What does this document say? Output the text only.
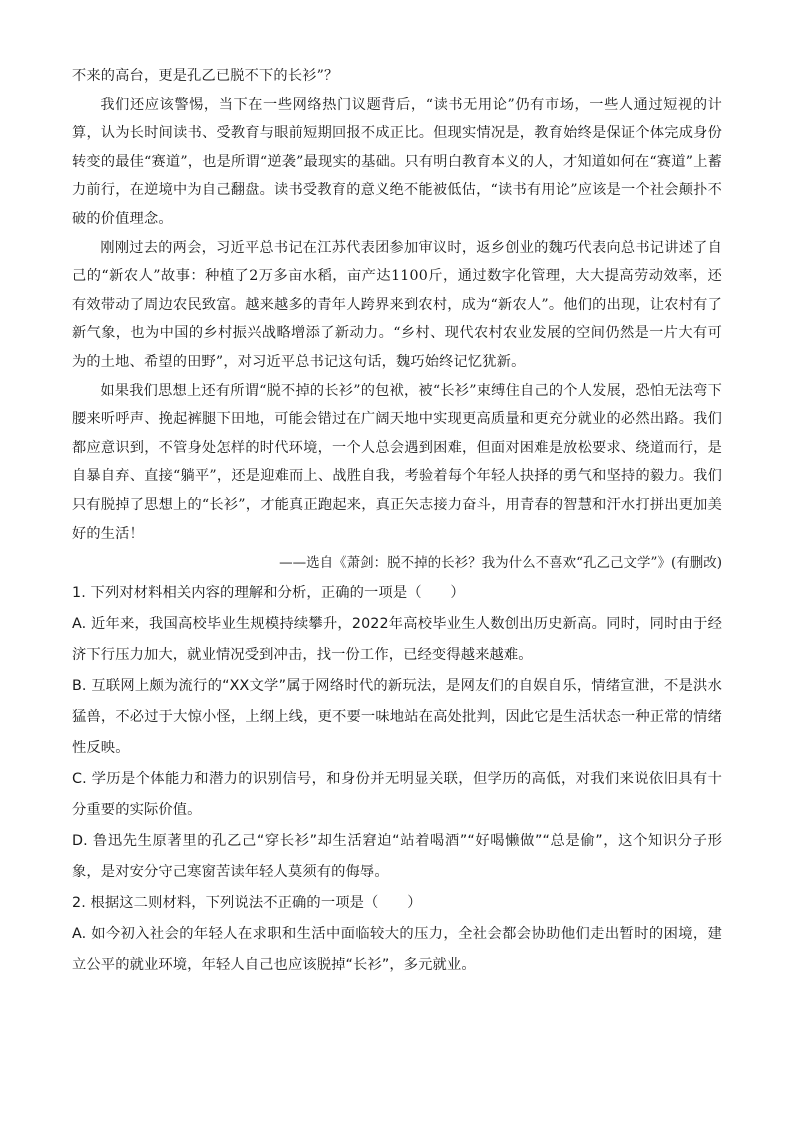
不来的高台，更是孔乙已脱不下的长衫”？

我们还应该警惕，当下在一些网络热门议题背后，“读书无用论”仍有市场，一些人通过短视的计算，认为长时间读书、受教育与眼前短期回报不成正比。但现实情况是，教育始终是保证个体完成身份转变的最佳“赛道”，也是所谓“逆袭”最现实的基础。只有明白教育本义的人，才知道如何在“赛道”上蓄力前行，在逆境中为自己翻盘。读书受教育的意义绝不能被低估，“读书有用论”应该是一个社会颠扑不破的价值理念。

刚刚过去的两会，习近平总书记在江苏代表团参加审议时，返乡创业的魏巧代表向总书记讲述了自己的“新农人”故事：种植了2万多亩水稻，亩产达1100斤，通过数字化管理，大大提高劳动效率，还有效带动了周边农民致富。越来越多的青年人跨界来到农村，成为“新农人”。他们的出现，让农村有了新气象，也为中国的乡村振兴战略增添了新动力。“乡村、现代农村农业发展的空间仍然是一片大有可为的土地、希望的田野”，对习近平总书记这句话，魏巧始终记忆犹新。

如果我们思想上还有所谓“脱不掉的长衫”的包袱，被“长衫”束缚住自己的个人发展，恐怕无法弯下腰来听呼声、挽起裤腿下田地，可能会错过在广阔天地中实现更高质量和更充分就业的必然出路。我们都应意识到，不管身处怎样的时代环境，一个人总会遇到困难，但面对困难是放松要求、绕道而行，是自暴自弃、直接“躺平”，还是迎难而上、战胜自我，考验着每个年轻人抉择的勇气和坚持的毅力。我们只有脱掉了思想上的“长衫”，才能真正跑起来，真正矢志接力奋斗，用青春的智慧和汗水打拼出更加美好的生活！

——选自《萧剑：脱不掉的长衫？我为什么不喜欢“孔乙己文学”》(有删改)

1. 下列对材料相关内容的理解和分析，正确的一项是（　　）

A. 近年来，我国高校毕业生规模持续攀升，2022年高校毕业生人数创出历史新高。同时，同时由于经济下行压力加大，就业情况受到冲击，找一份工作，已经变得越来越难。

B. 互联网上颇为流行的“XX文学”属于网络时代的新玩法，是网友们的自娱自乐，情绪宣泄，不是洪水猛兽，不必过于大惊小怪，上纲上线，更不要一味地站在高处批判，因此它是生活状态一种正常的情绪性反映。

C. 学历是个体能力和潜力的识别信号，和身份并无明显关联，但学历的高低，对我们来说依旧具有十分重要的实际价值。

D. 鲁迅先生原著里的孔乙己“穿长衫”却生活窘迫“站着喝酒”“好喝懒做”“总是偷”，这个知识分子形象，是对安分守己寒窗苦读年轻人莫须有的侮辱。

2. 根据这二则材料，下列说法不正确的一项是（　　）

A. 如今初入社会的年轻人在求职和生活中面临较大的压力，全社会都会协助他们走出暂时的困境，建立公平的就业环境，年轻人自己也应该脱掉“长衫”，多元就业。
